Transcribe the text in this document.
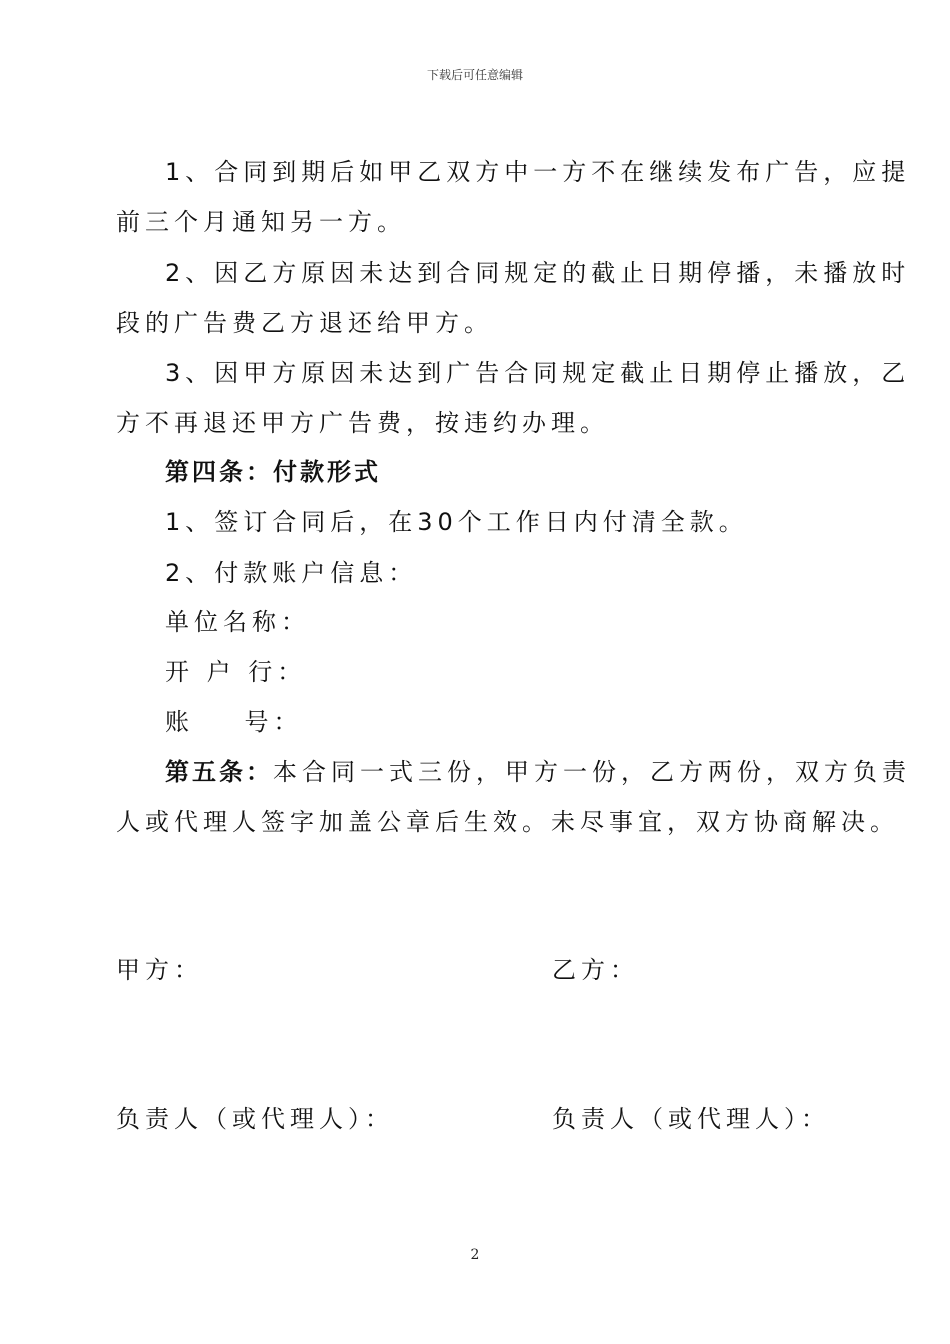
下载后可任意编辑
1、合同到期后如甲乙双方中一方不在继续发布广告，应提
前三个月通知另一方。
2、因乙方原因未达到合同规定的截止日期停播，未播放时
段的广告费乙方退还给甲方。
3、因甲方原因未达到广告合同规定截止日期停止播放，乙
方不再退还甲方广告费，按违约办理。
第四条：付款形式
1、签订合同后，在30个工作日内付清全款。
2、付款账户信息：
单位名称：
开 户 行：
账    号：
第五条：本合同一式三份，甲方一份，乙方两份，双方负责
人或代理人签字加盖公章后生效。未尽事宜，双方协商解决。
甲方：	乙方：
负责人（或代理人）：	负责人（或代理人）：
2
